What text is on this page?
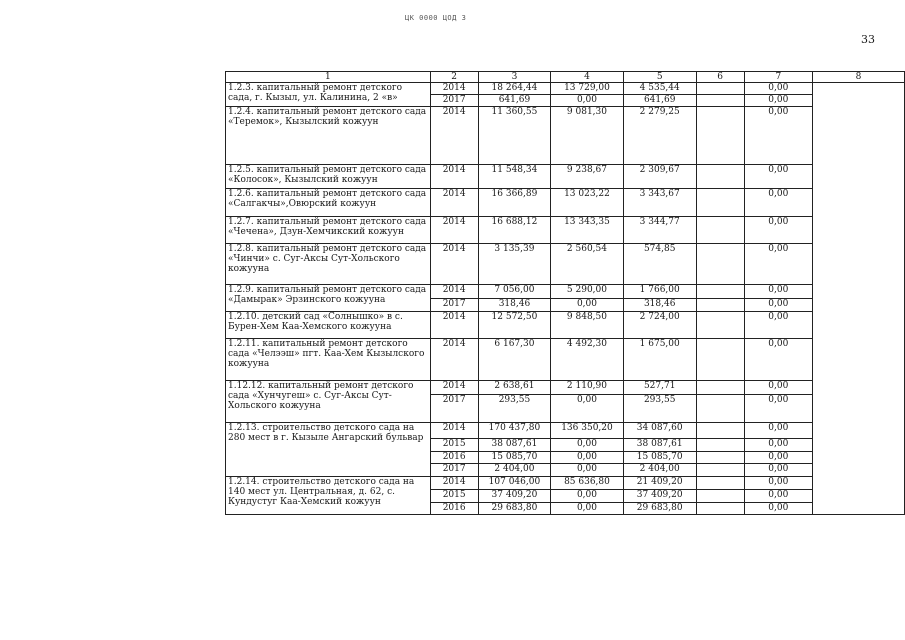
ЦК 0000 ЦОД 3
33
1	2	3	4	5	6	7	8
1.2.3. капитальный ремонт детского сада, г. Кызыл, ул. Калинина, 2 «в»	2014	18 264,44	13 729,00	4 535,44		0,00	
	2017	641,69	0,00	641,69		0,00	
1.2.4. капитальный ремонт детского сада «Теремок», Кызылский кожуун	2014	11 360,55	9 081,30	2 279,25		0,00	
1.2.5. капитальный ремонт детского сада «Колосок», Кызылский кожуун	2014	11 548,34	9 238,67	2 309,67		0,00	
1.2.6. капитальный ремонт детского сада «Салгакчы»,Овюрский кожуун	2014	16 366,89	13 023,22	3 343,67		0,00	
1.2.7. капитальный ремонт детского сада «Чечена», Дзун-Хемчикский кожуун	2014	16 688,12	13 343,35	3 344,77		0,00	
1.2.8. капитальный ремонт детского сада «Чинчи» с. Суг-Аксы Сут-Хольского кожууна	2014	3 135,39	2 560,54	574,85		0,00	
1.2.9. капитальный ремонт детского сада «Дамырак» Эрзинского кожууна	2014	7 056,00	5 290,00	1 766,00		0,00	
	2017	318,46	0,00	318,46		0,00	
1.2.10. детский сад «Солнышко» в с. Бурен-Хем Каа-Хемского кожууна	2014	12 572,50	9 848,50	2 724,00		0,00	
1.2.11. капитальный ремонт детского сада «Челээш» пгт. Каа-Хем Кызылского кожууна	2014	6 167,30	4 492,30	1 675,00		0,00	
1.12.12. капитальный ремонт детского сада «Хунчугеш» с. Суг-Аксы Сут-Хольского кожууна	2014	2 638,61	2 110,90	527,71		0,00	
	2017	293,55	0,00	293,55		0,00	
1.2.13. строительство детского сада на 280 мест в г. Кызыле Ангарский бульвар	2014	170 437,80	136 350,20	34 087,60		0,00	
	2015	38 087,61	0,00	38 087,61		0,00	
	2016	15 085,70	0,00	15 085,70		0,00	
	2017	2 404,00	0,00	2 404,00		0,00	
1.2.14. строительство детского сада на 140 мест ул. Центральная, д. 62, с. Кундустуг Каа-Хемский кожуун	2014	107 046,00	85 636,80	21 409,20		0,00	
	2015	37 409,20	0,00	37 409,20		0,00	
	2016	29 683,80	0,00	29 683,80		0,00	
